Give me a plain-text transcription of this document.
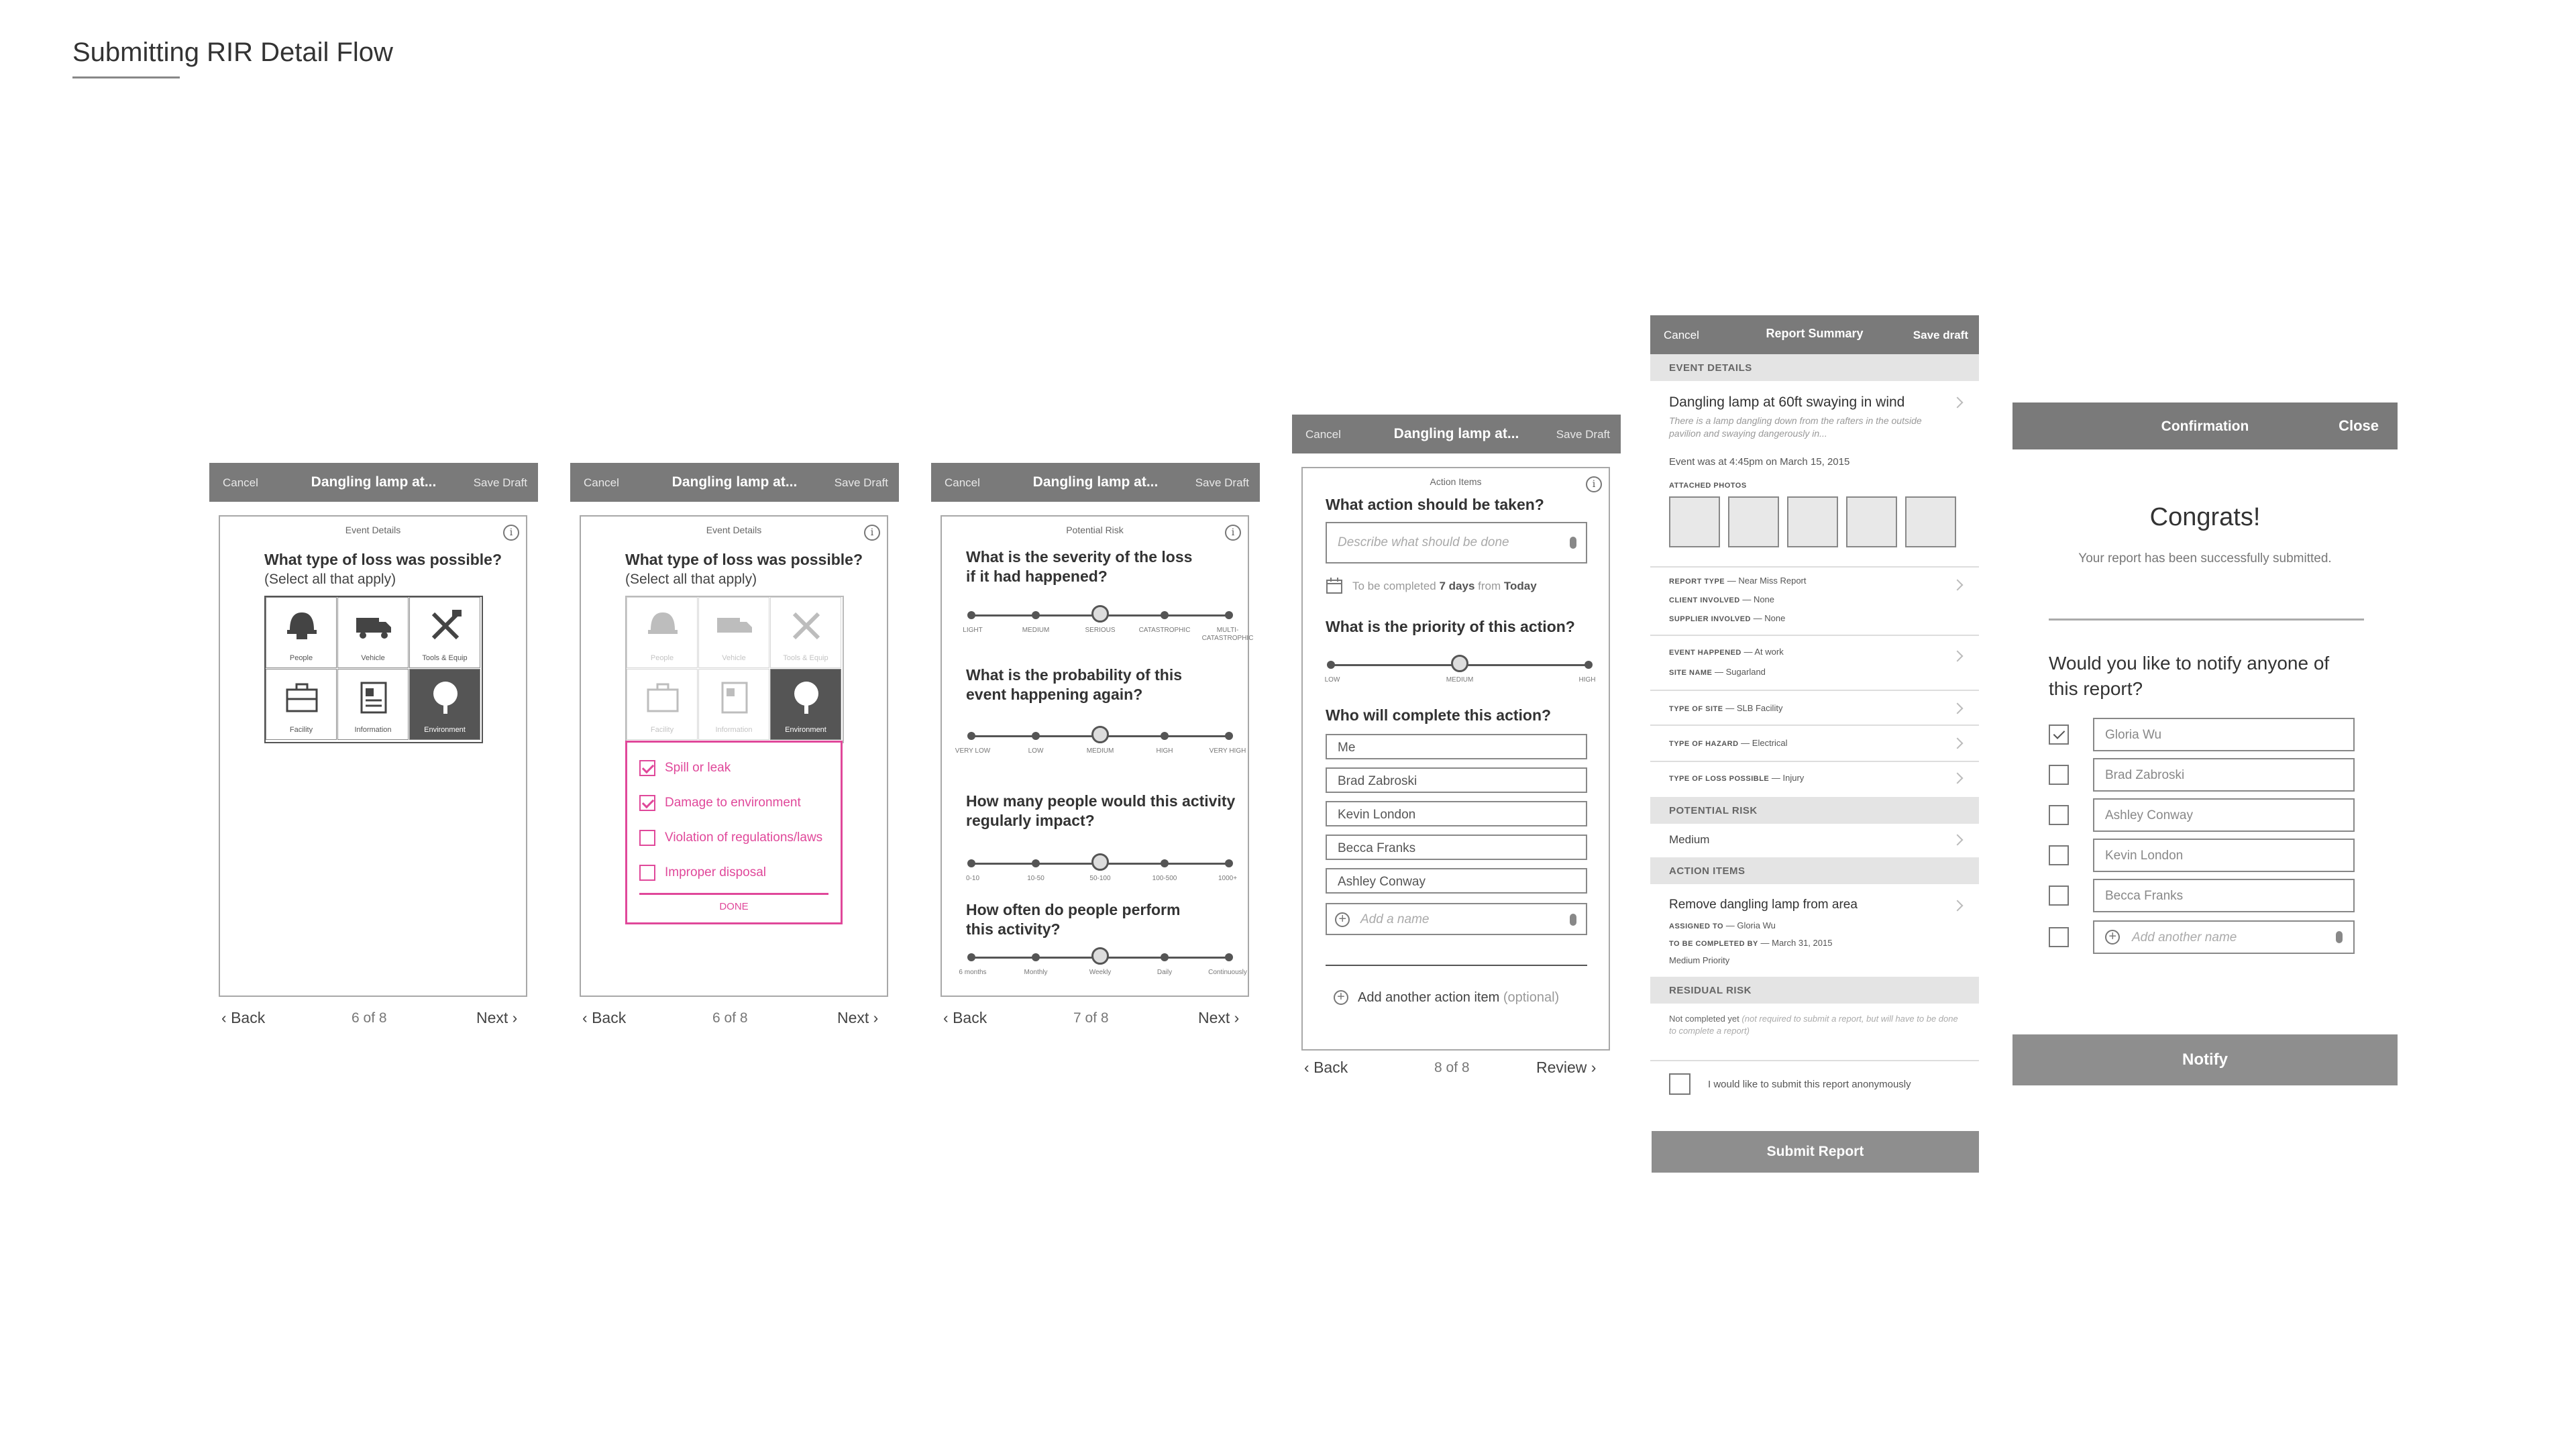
Submitting RIR Detail Flow
Cancel	Dangling lamp at...	Save Draft
Event Details	i
What type of loss was possible?
(Select all that apply)
People	Vehicle	Tools & Equip
Facility	Information	Environment
‹ Back	6 of 8	Next ›
Cancel	Dangling lamp at...	Save Draft
Event Details	i
What type of loss was possible?
(Select all that apply)
People	Vehicle	Tools & Equip
Facility	Information	Environment
Spill or leak
Damage to environment
Violation of regulations/laws
Improper disposal
DONE
‹ Back	6 of 8	Next ›
Cancel	Dangling lamp at...	Save Draft
Potential Risk	i
What is the severity of the loss if it had happened?
LIGHT	MEDIUM	SERIOUS	CATASTROPHIC	MULTI-CATASTROPHIC
What is the probability of this event happening again?
VERY LOW	LOW	MEDIUM	HIGH	VERY HIGH
How many people would this activity regularly impact?
0-10	10-50	50-100	100-500	1000+
How often do people perform this activity?
6 months	Monthly	Weekly	Daily	Continuously
‹ Back	7 of 8	Next ›
Cancel	Dangling lamp at...	Save Draft
Action Items	i
What action should be taken?
Describe what should be done
To be completed 7 days from Today
What is the priority of this action?
LOW	MEDIUM	HIGH
Who will complete this action?
Me
Brad Zabroski
Kevin London
Becca Franks
Ashley Conway
+ Add a name
+ Add another action item (optional)
‹ Back	8 of 8	Review ›
Cancel	Report Summary	Save draft
EVENT DETAILS
Dangling lamp at 60ft swaying in wind
There is a lamp dangling down from the rafters in the outside pavilion and swaying dangerously in...
Event was at 4:45pm on March 15, 2015
ATTACHED PHOTOS
REPORT TYPE — Near Miss Report
CLIENT INVOLVED — None
SUPPLIER INVOLVED — None
EVENT HAPPENED — At work
SITE NAME — Sugarland
TYPE OF SITE — SLB Facility
TYPE OF HAZARD — Electrical
TYPE OF LOSS POSSIBLE — Injury
POTENTIAL RISK
Medium
ACTION ITEMS
Remove dangling lamp from area
ASSIGNED TO — Gloria Wu
TO BE COMPLETED BY — March 31, 2015
Medium Priority
RESIDUAL RISK
Not completed yet (not required to submit a report, but will have to be done to complete a report)
I would like to submit this report anonymously
Submit Report
Confirmation	Close
Congrats!
Your report has been successfully submitted.
Would you like to notify anyone of this report?
Gloria Wu
Brad Zabroski
Ashley Conway
Kevin London
Becca Franks
+ Add another name
Notify
